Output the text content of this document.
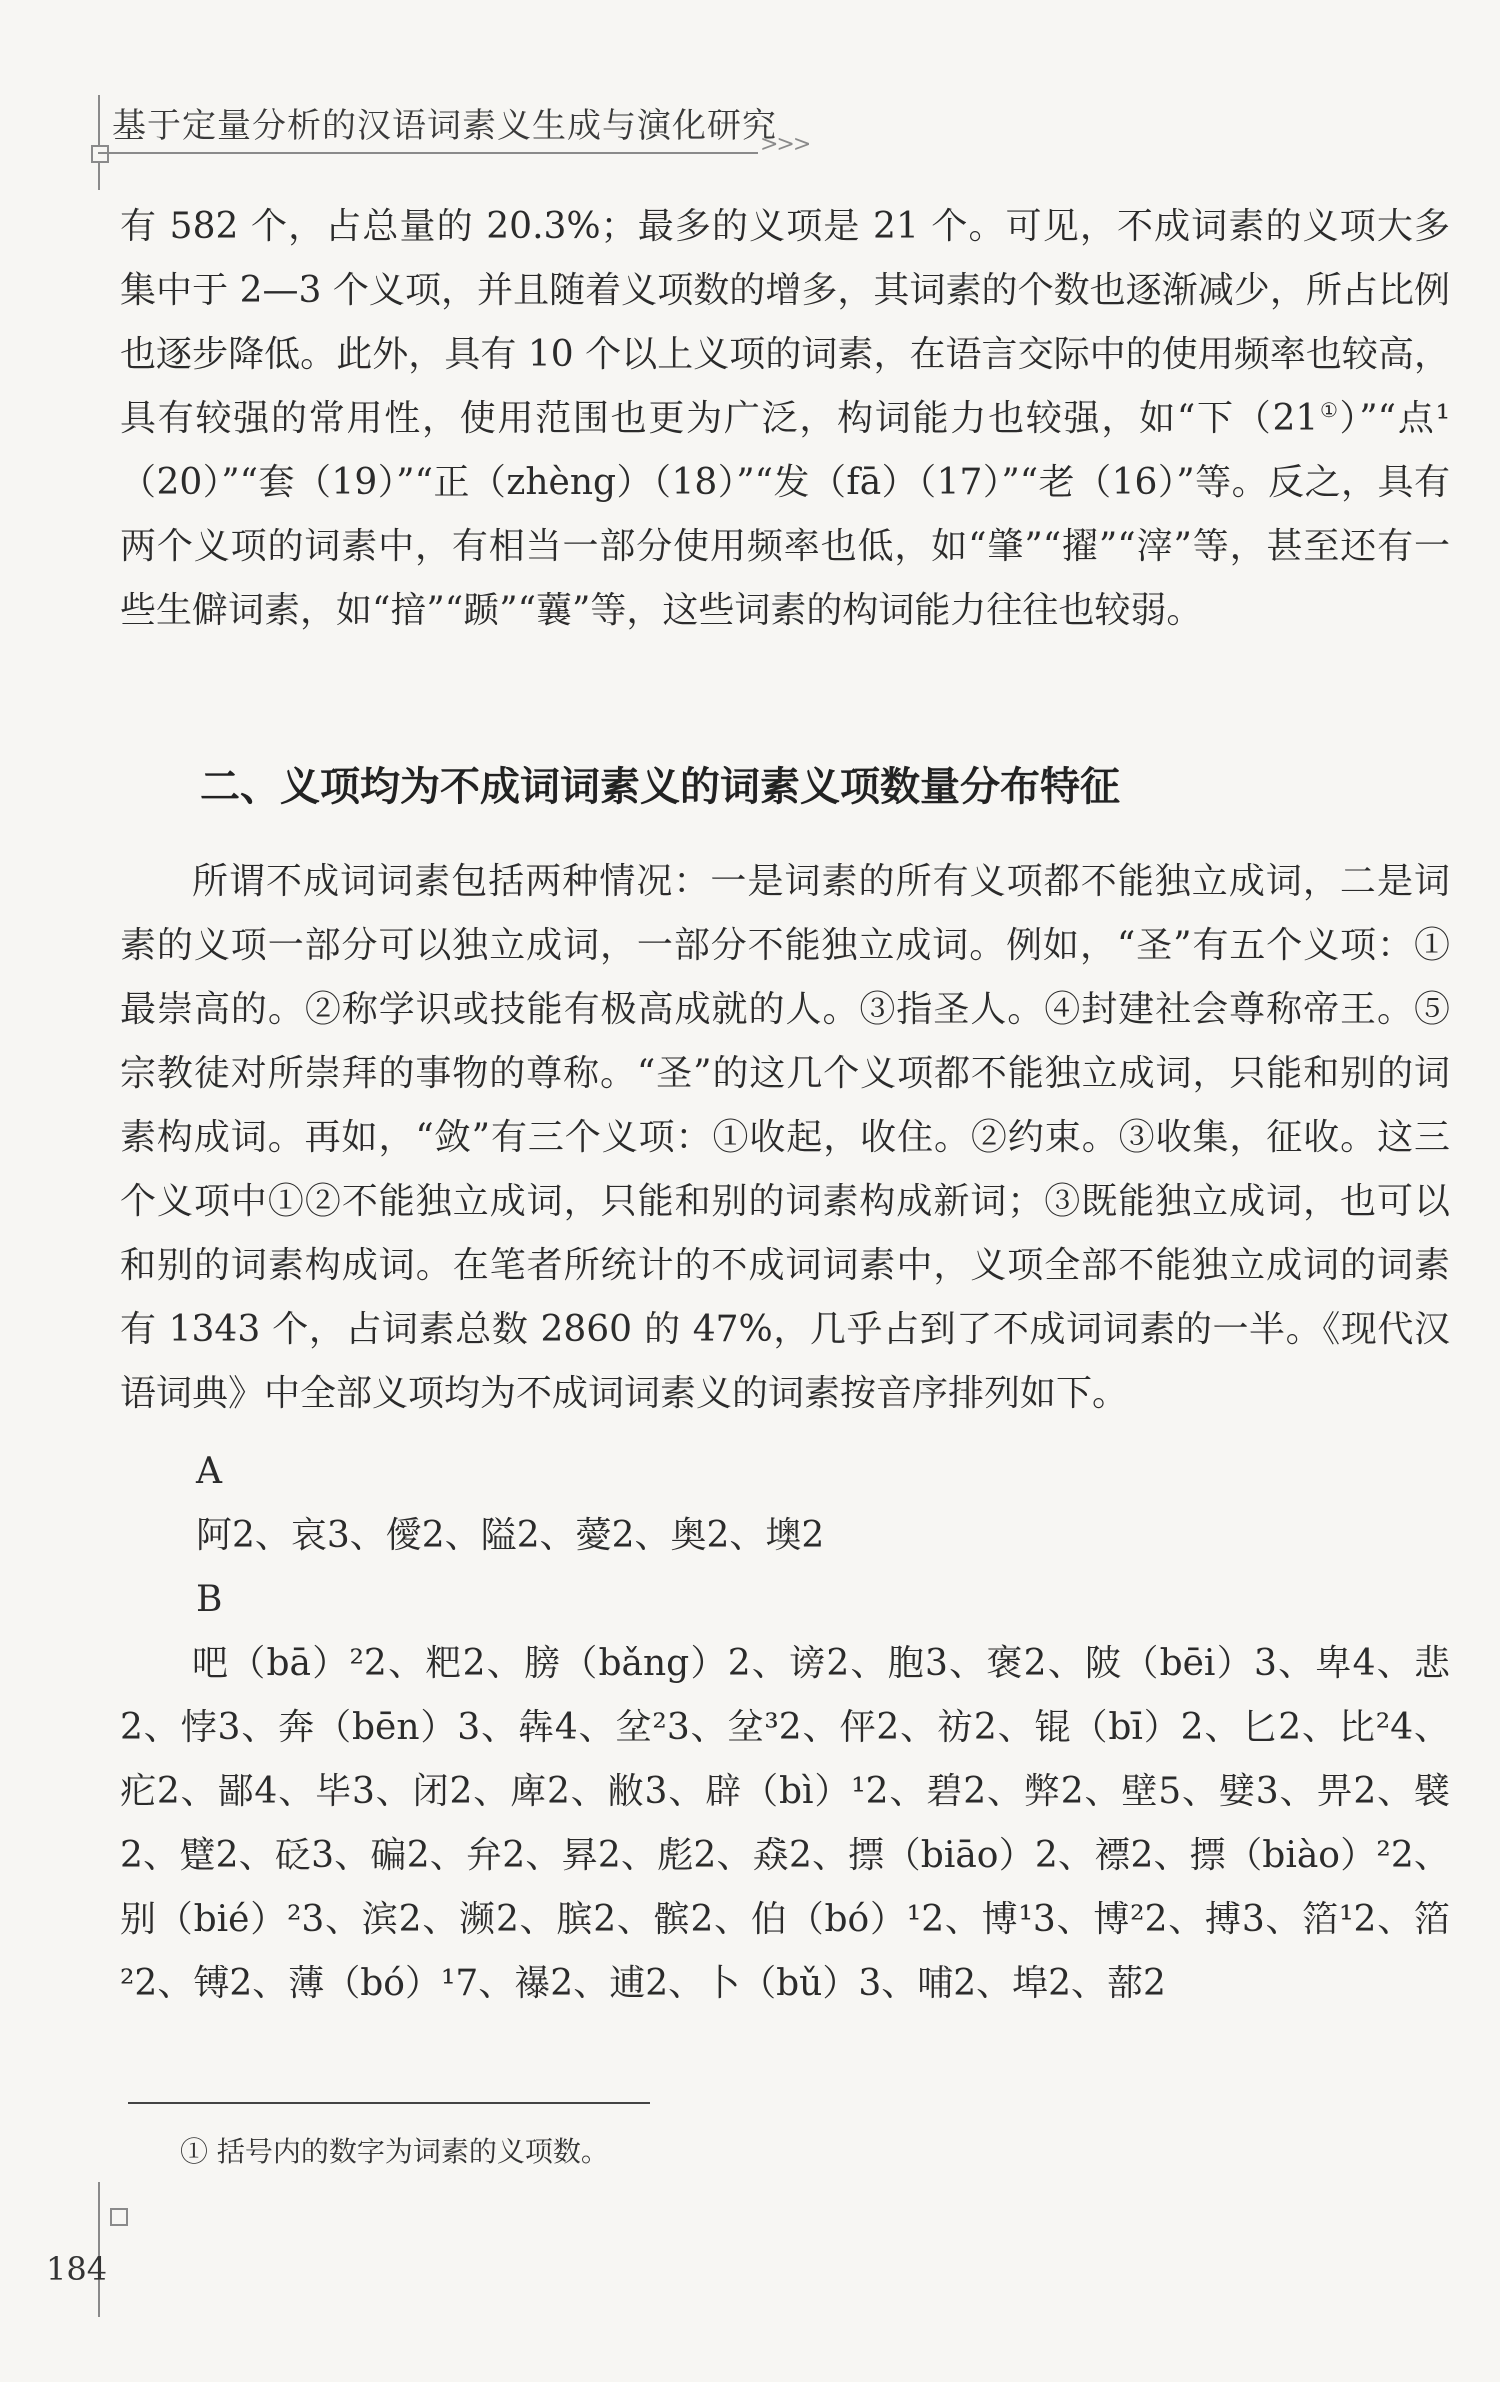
基于定量分析的汉语词素义生成与演化研究
>>>

有 582 个，占总量的 20.3%；最多的义项是 21 个。可见，不成词素的义项大多集中于 2—3 个义项，并且随着义项数的增多，其词素的个数也逐渐减少，所占比例也逐步降低。此外，具有 10 个以上义项的词素，在语言交际中的使用频率也较高，具有较强的常用性，使用范围也更为广泛，构词能力也较强，如“下（21①）”“点¹（20）”“套（19）”“正（zhèng）（18）”“发（fā）（17）”“老（16）”等。反之，具有两个义项的词素中，有相当一部分使用频率也低，如“肇”“擢”“滓”等，甚至还有一些生僻词素，如“揞”“踬”“蘘”等，这些词素的构词能力往往也较弱。

二、义项均为不成词词素义的词素义项数量分布特征

所谓不成词词素包括两种情况：一是词素的所有义项都不能独立成词，二是词素的义项一部分可以独立成词，一部分不能独立成词。例如，“圣”有五个义项：①最崇高的。②称学识或技能有极高成就的人。③指圣人。④封建社会尊称帝王。⑤宗教徒对所崇拜的事物的尊称。“圣”的这几个义项都不能独立成词，只能和别的词素构成词。再如，“敛”有三个义项：①收起，收住。②约束。③收集，征收。这三个义项中①②不能独立成词，只能和别的词素构成新词；③既能独立成词，也可以和别的词素构成词。在笔者所统计的不成词词素中，义项全部不能独立成词的词素有 1343 个，占词素总数 2860 的 47%，几乎占到了不成词词素的一半。《现代汉语词典》中全部义项均为不成词词素义的词素按音序排列如下。

A

阿2、哀3、僾2、隘2、薆2、奥2、墺2

B

吧（bā）²2、粑2、膀（bǎng）2、谤2、胞3、褒2、陂（bēi）3、卑4、悲2、悖3、奔（bēn）3、犇4、坌²3、坌³2、伻2、祊2、锟（bī）2、匕2、比²4、疕2、鄙4、毕3、闭2、庳2、敝3、辟（bì）¹2、碧2、弊2、壁5、嬖3、畀2、襞2、躄2、砭3、碥2、弁2、昪2、彪2、猋2、摽（biāo）2、褾2、摽（biào）²2、别（bié）²3、滨2、濒2、膑2、髌2、伯（bó）¹2、博¹3、博²2、搏3、箔¹2、箔²2、镈2、薄（bó）¹7、襮2、逋2、卜（bǔ）3、哺2、埠2、蔀2

① 括号内的数字为词素的义项数。
184
